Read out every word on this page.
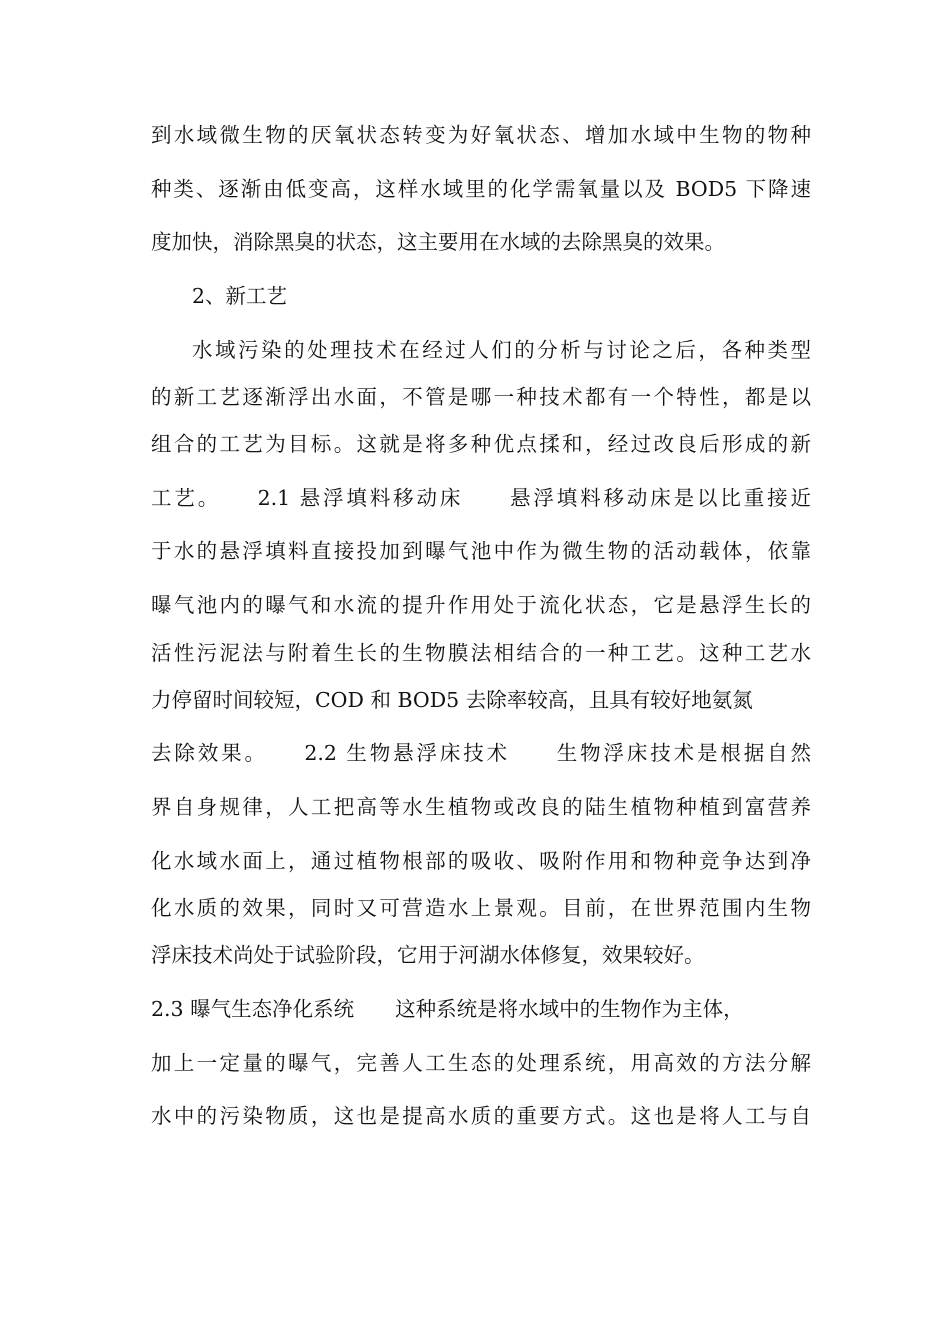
到水域微生物的厌氧状态转变为好氧状态、增加水域中生物的物种
种类、逐渐由低变高，这样水域里的化学需氧量以及 BOD5 下降速
度加快，消除黑臭的状态，这主要用在水域的去除黑臭的效果。
2、新工艺
水域污染的处理技术在经过人们的分析与讨论之后，各种类型
的新工艺逐渐浮出水面，不管是哪一种技术都有一个特性，都是以
组合的工艺为目标。这就是将多种优点揉和，经过改良后形成的新
工艺。　　2.1 悬浮填料移动床　　悬浮填料移动床是以比重接近
于水的悬浮填料直接投加到曝气池中作为微生物的活动载体，依靠
曝气池内的曝气和水流的提升作用处于流化状态，它是悬浮生长的
活性污泥法与附着生长的生物膜法相结合的一种工艺。这种工艺水
力停留时间较短，COD 和 BOD5 去除率较高，且具有较好地氨氮
去除效果。　　2.2 生物悬浮床技术　　生物浮床技术是根据自然
界自身规律，人工把高等水生植物或改良的陆生植物种植到富营养
化水域水面上，通过植物根部的吸收、吸附作用和物种竞争达到净
化水质的效果，同时又可营造水上景观。目前，在世界范围内生物
浮床技术尚处于试验阶段，它用于河湖水体修复，效果较好。
2.3 曝气生态净化系统　　这种系统是将水域中的生物作为主体，
加上一定量的曝气，完善人工生态的处理系统，用高效的方法分解
水中的污染物质，这也是提高水质的重要方式。这也是将人工与自
